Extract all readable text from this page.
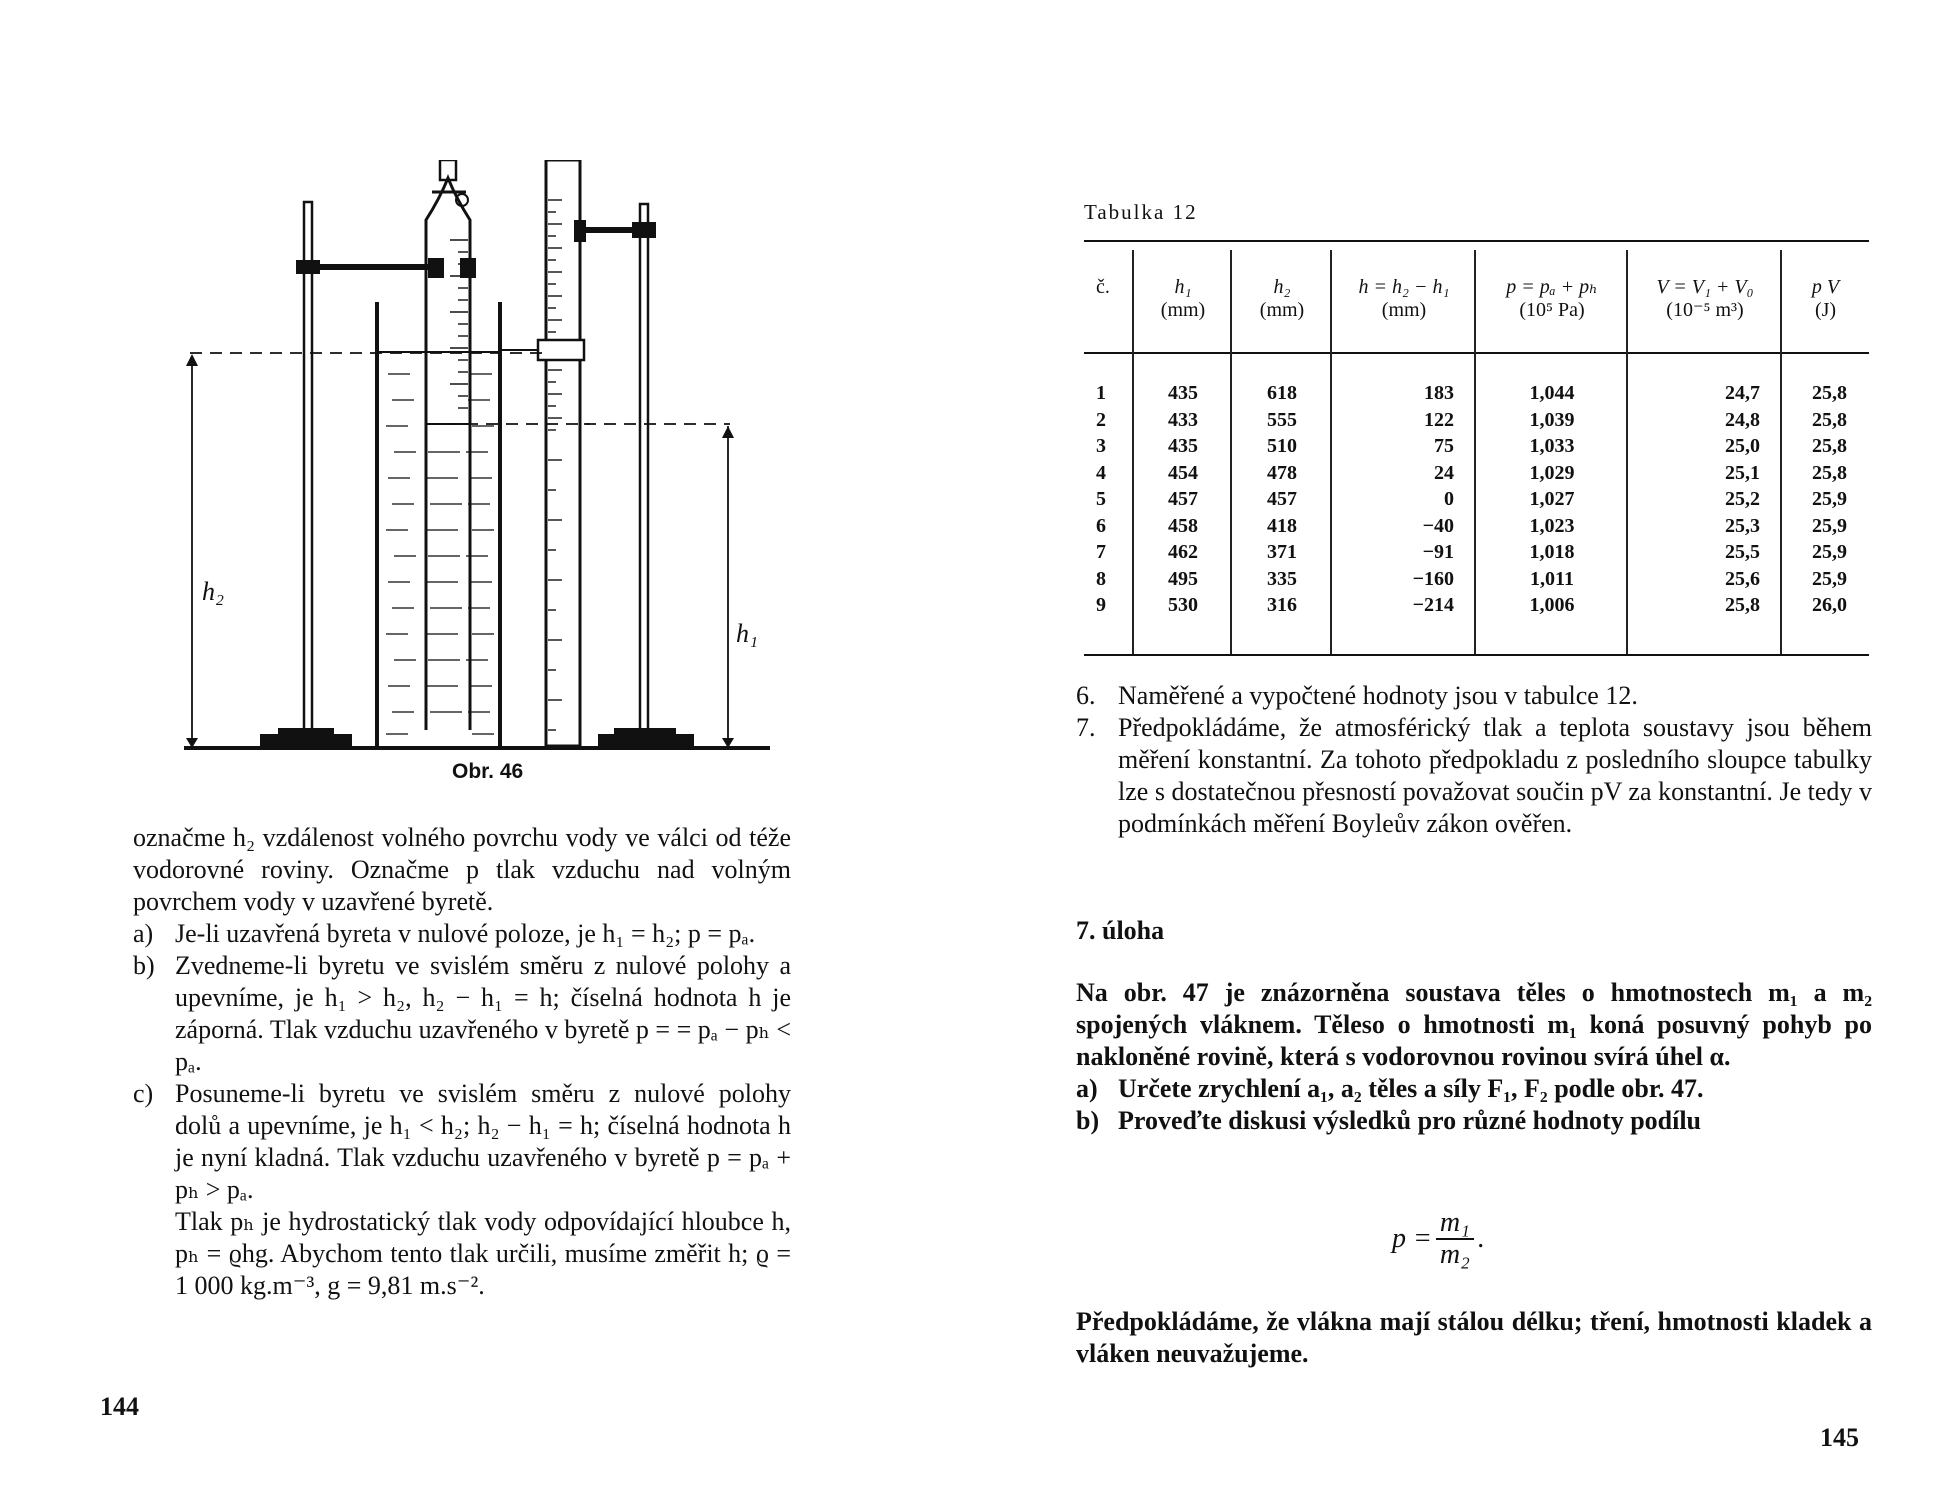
h₂
h₁
Obr. 46

označme h₂ vzdálenost volného povrchu vody ve válci od téže vodorovné roviny. Označme p tlak vzduchu nad volným povrchem vody v uzavřené byretě.

a) Je-li uzavřená byreta v nulové poloze, je h₁ = h₂; p = pₐ.
b) Zvedneme-li byretu ve svislém směru z nulové polohy a upevníme, je h₁ > h₂, h₂ − h₁ = h; číselná hodnota h je záporná. Tlak vzduchu uzavřeného v byretě p = = pₐ − pₕ < pₐ.
c) Posuneme-li byretu ve svislém směru z nulové polohy dolů a upevníme, je h₁ < h₂; h₂ − h₁ = h; číselná hodnota h je nyní kladná. Tlak vzduchu uzavřeného v byretě p = pₐ + pₕ > pₐ.

Tlak pₕ je hydrostatický tlak vody odpovídající hloubce h, pₕ = ϱhg. Abychom tento tlak určili, musíme změřit h; ϱ = 1 000 kg.m⁻³, g = 9,81 m.s⁻².

144
Tabulka 12
č.
1
2
3
4
5
6
7
8
9
h₁
(mm)
435
433
435
454
457
458
462
495
530
h₂
(mm)
618
555
510
478
457
418
371
335
316
h = h₂ − h₁
(mm)
183
122
75
24
0
−40
−91
−160
−214
p = pₐ + pₕ
(10⁵ Pa)
1,044
1,039
1,033
1,029
1,027
1,023
1,018
1,011
1,006
V = V₁ + V₀
(10⁻⁵ m³)
24,7
24,8
25,0
25,1
25,2
25,3
25,5
25,6
25,8
p V
(J)
25,8
25,8
25,8
25,8
25,9
25,9
25,9
25,9
26,0
6. Naměřené a vypočtené hodnoty jsou v tabulce 12.
7. Předpokládáme, že atmosférický tlak a teplota soustavy jsou během měření konstantní. Za tohoto předpokladu z posledního sloupce tabulky lze s dostatečnou přesností považovat součin pV za konstantní. Je tedy v podmínkách měření Boyleův zákon ověřen.
7. úloha

Na obr. 47 je znázorněna soustava těles o hmotnostech m₁ a m₂ spojených vláknem. Těleso o hmotnosti m₁ koná posuvný pohyb po nakloněné rovině, která s vodorovnou rovinou svírá úhel α.

a) Určete zrychlení a₁, a₂ těles a síly F₁, F₂ podle obr. 47.
b) Proveďte diskusi výsledků pro různé hodnoty podílu
$p = \frac{\text{m₁}}{\text{m₂}}$ .

Předpokládáme, že vlákna mají stálou délku; tření, hmotnosti kladek a vláken neuvažujeme.

145
